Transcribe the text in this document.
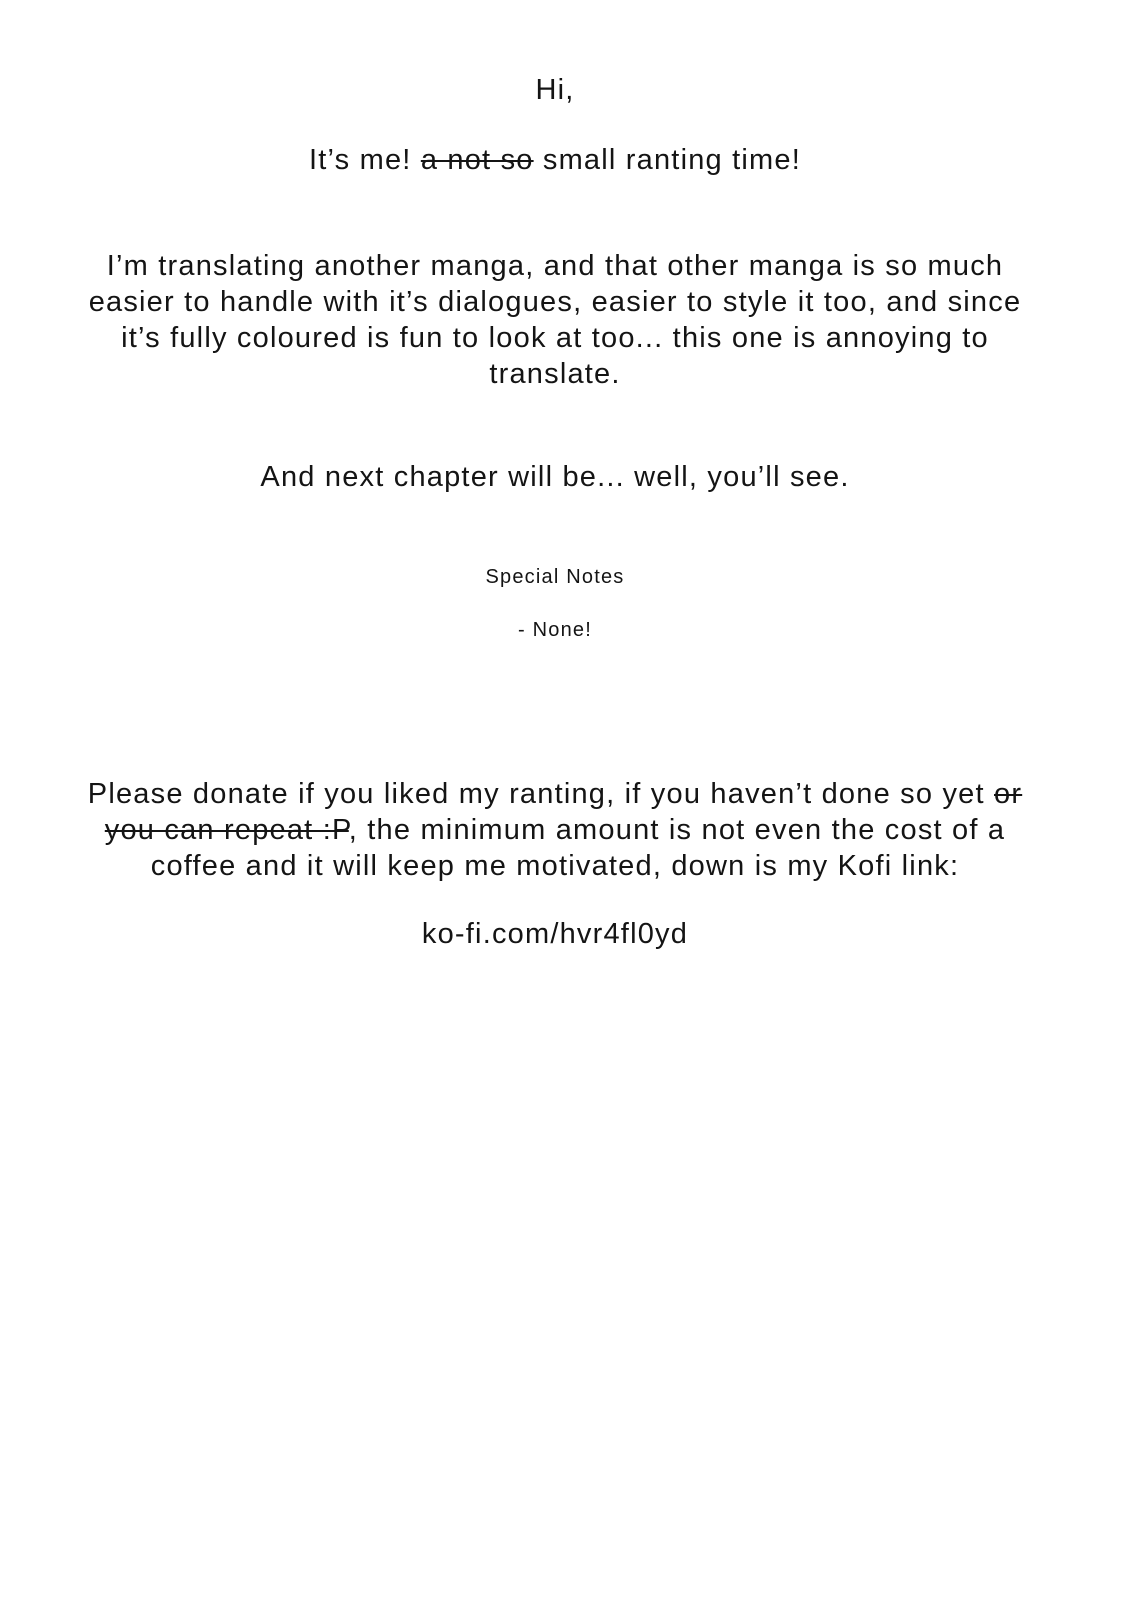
Hi,
It’s me! a not so small ranting time!
I’m translating another manga, and that other manga is so much
easier to handle with it’s dialogues, easier to style it too, and since
it’s fully coloured is fun to look at too... this one is annoying to
translate.
And next chapter will be... well, you’ll see.
Special Notes
- None!
Please donate if you liked my ranting, if you haven’t done so yet or
you can repeat :P, the minimum amount is not even the cost of a
coffee and it will keep me motivated, down is my Kofi link:
ko-fi.com/hvr4fl0yd
